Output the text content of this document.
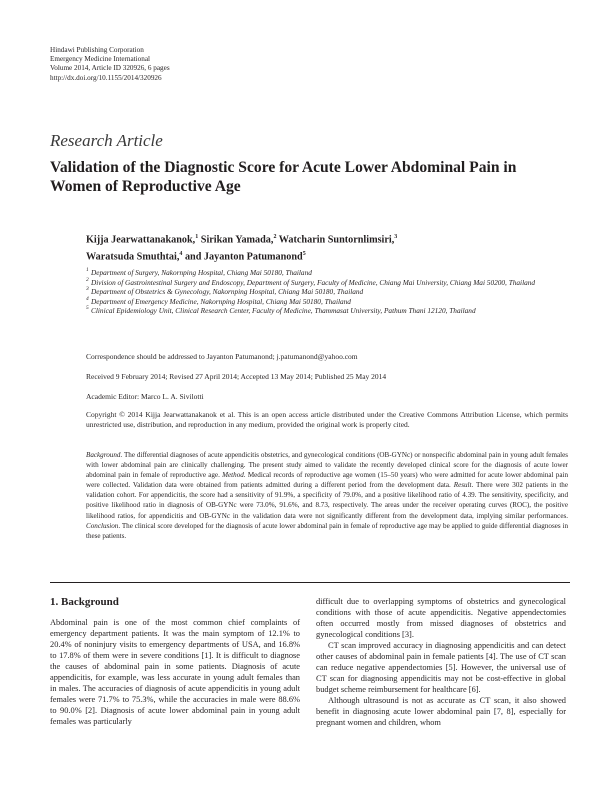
Hindawi Publishing Corporation
Emergency Medicine International
Volume 2014, Article ID 320926, 6 pages
http://dx.doi.org/10.1155/2014/320926
Research Article
Validation of the Diagnostic Score for Acute Lower Abdominal Pain in Women of Reproductive Age
Kijja Jearwattanakanok,$^1$ Sirikan Yamada,$^2$ Watcharin Suntornlimsiri,$^3$
Waratsuda Smuthtai,$^4$ and Jayanton Patumanond$^5$
1 Department of Surgery, Nakornping Hospital, Chiang Mai 50180, Thailand
2 Division of Gastrointestinal Surgery and Endoscopy, Department of Surgery, Faculty of Medicine, Chiang Mai University, Chiang Mai 50200, Thailand
3 Department of Obstetrics & Gynecology, Nakornping Hospital, Chiang Mai 50180, Thailand
4 Department of Emergency Medicine, Nakornping Hospital, Chiang Mai 50180, Thailand
5 Clinical Epidemiology Unit, Clinical Research Center, Faculty of Medicine, Thammasat University, Pathum Thani 12120, Thailand
Correspondence should be addressed to Jayanton Patumanond; j.patumanond@yahoo.com
Received 9 February 2014; Revised 27 April 2014; Accepted 13 May 2014; Published 25 May 2014
Academic Editor: Marco L. A. Sivilotti
Copyright © 2014 Kijja Jearwattanakanok et al. This is an open access article distributed under the Creative Commons Attribution License, which permits unrestricted use, distribution, and reproduction in any medium, provided the original work is properly cited.
Background. The differential diagnoses of acute appendicitis obstetrics, and gynecological conditions (OB-GYNc) or nonspecific abdominal pain in young adult females with lower abdominal pain are clinically challenging. The present study aimed to validate the recently developed clinical score for the diagnosis of acute lower abdominal pain in female of reproductive age. Method. Medical records of reproductive age women (15–50 years) who were admitted for acute lower abdominal pain were collected. Validation data were obtained from patients admitted during a different period from the development data. Result. There were 302 patients in the validation cohort. For appendicitis, the score had a sensitivity of 91.9%, a specificity of 79.0%, and a positive likelihood ratio of 4.39. The sensitivity, specificity, and positive likelihood ratio in diagnosis of OB-GYNc were 73.0%, 91.6%, and 8.73, respectively. The areas under the receiver operating curves (ROC), the positive likelihood ratios, for appendicitis and OB-GYNc in the validation data were not significantly different from the development data, implying similar performances. Conclusion. The clinical score developed for the diagnosis of acute lower abdominal pain in female of reproductive age may be applied to guide differential diagnoses in these patients.
1. Background

Abdominal pain is one of the most common chief complaints of emergency department patients. It was the main symptom of 12.1% to 20.4% of noninjury visits to emergency departments of USA, and 16.8% to 17.8% of them were in severe conditions [1]. It is difficult to diagnose the causes of abdominal pain in some patients. Diagnosis of acute appendicitis, for example, was less accurate in young adult females than in males. The accuracies of diagnosis of acute appendicitis in young adult females were 71.7% to 75.3%, while the accuracies in male were 88.6% to 90.0% [2]. Diagnosis of acute lower abdominal pain in young adult females was particularly

difficult due to overlapping symptoms of obstetrics and gynecological conditions with those of acute appendicitis. Negative appendectomies often occurred mostly from missed diagnoses of obstetrics and gynecological conditions [3].

CT scan improved accuracy in diagnosing appendicitis and can detect other causes of abdominal pain in female patients [4]. The use of CT scan can reduce negative appendectomies [5]. However, the universal use of CT scan for diagnosing appendicitis may not be cost-effective in global budget scheme reimbursement for healthcare [6].

Although ultrasound is not as accurate as CT scan, it also showed benefit in diagnosing acute lower abdominal pain [7, 8], especially for pregnant women and children, whom
